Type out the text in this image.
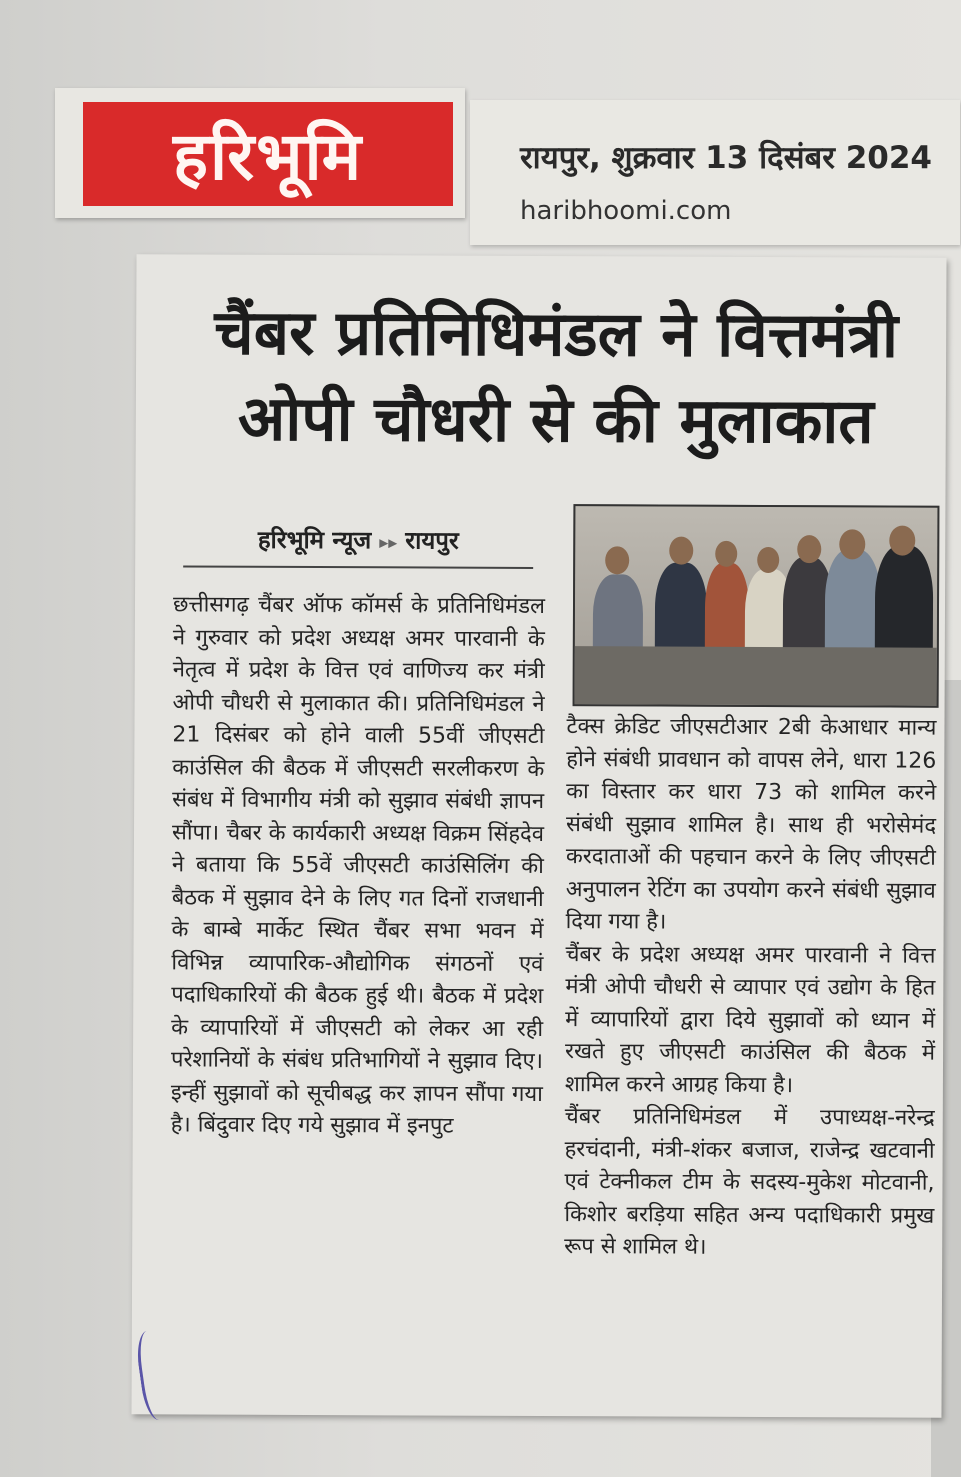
हरिभूमि	रायपुर, शुक्रवार 13 दिसंबर 2024
haribhoomi.com
चैंबर प्रतिनिधिमंडल ने वित्तमंत्री
ओपी चौधरी से की मुलाकात
हरिभूमि न्यूज ▸▸ रायपुर

छत्तीसगढ़ चैंबर ऑफ कॉमर्स के प्रतिनिधिमंडल ने गुरुवार को प्रदेश अध्यक्ष अमर पारवानी के नेतृत्व में प्रदेश के वित्त एवं वाणिज्य कर मंत्री ओपी चौधरी से मुलाकात की। प्रतिनिधिमंडल ने 21 दिसंबर को होने वाली 55वीं जीएसटी काउंसिल की बैठक में जीएसटी सरलीकरण के संबंध में विभागीय मंत्री को सुझाव संबंधी ज्ञापन सौंपा। चैबर के कार्यकारी अध्यक्ष विक्रम सिंहदेव ने बताया कि 55वें जीएसटी काउंसिलिंग की बैठक में सुझाव देने के लिए गत दिनों राजधानी के बाम्बे मार्केट स्थित चैंबर सभा भवन में विभिन्न व्यापारिक-औद्योगिक संगठनों एवं पदाधिकारियों की बैठक हुई थी। बैठक में प्रदेश के व्यापारियों में जीएसटी को लेकर आ रही परेशानियों के संबंध प्रतिभागियों ने सुझाव दिए। इन्हीं सुझावों को सूचीबद्ध कर ज्ञापन सौंपा गया है। बिंदुवार दिए गये सुझाव में इनपुट

टैक्स क्रेडिट जीएसटीआर 2बी केआधार मान्य होने संबंधी प्रावधान को वापस लेने, धारा 126 का विस्तार कर धारा 73 को शामिल करने संबंधी सुझाव शामिल है। साथ ही भरोसेमंद करदाताओं की पहचान करने के लिए जीएसटी अनुपालन रेटिंग का उपयोग करने संबंधी सुझाव दिया गया है।

चैंबर के प्रदेश अध्यक्ष अमर पारवानी ने वित्त मंत्री ओपी चौधरी से व्यापार एवं उद्योग के हित में व्यापारियों द्वारा दिये सुझावों को ध्यान में रखते हुए जीएसटी काउंसिल की बैठक में शामिल करने आग्रह किया है।

चैंबर प्रतिनिधिमंडल में उपाध्यक्ष-नरेन्द्र हरचंदानी, मंत्री-शंकर बजाज, राजेन्द्र खटवानी एवं टेक्नीकल टीम के सदस्य-मुकेश मोटवानी, किशोर बरड़िया सहित अन्य पदाधिकारी प्रमुख रूप से शामिल थे।
